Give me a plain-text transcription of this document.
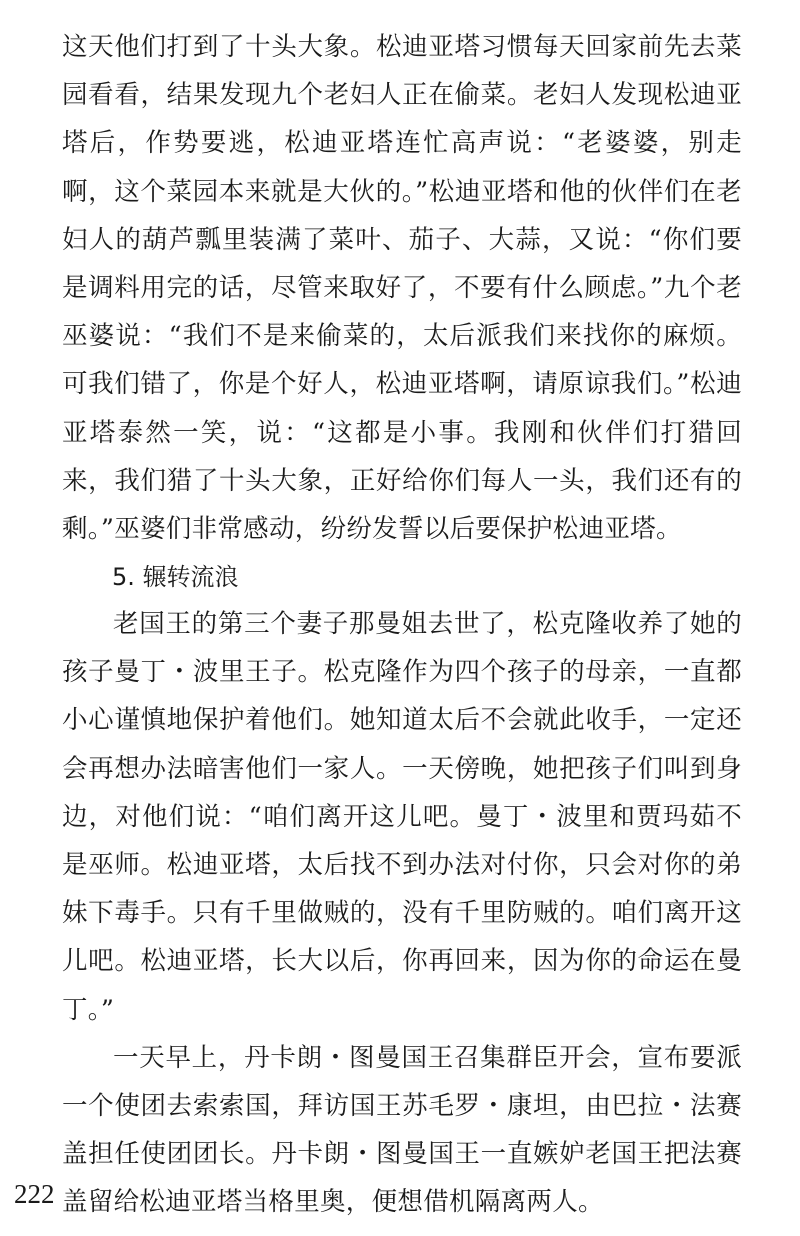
这天他们打到了十头大象。松迪亚塔习惯每天回家前先去菜园看看，结果发现九个老妇人正在偷菜。老妇人发现松迪亚塔后，作势要逃，松迪亚塔连忙高声说：“老婆婆，别走啊，这个菜园本来就是大伙的。”松迪亚塔和他的伙伴们在老妇人的葫芦瓢里装满了菜叶、茄子、大蒜，又说：“你们要是调料用完的话，尽管来取好了，不要有什么顾虑。”九个老巫婆说：“我们不是来偷菜的，太后派我们来找你的麻烦。可我们错了，你是个好人，松迪亚塔啊，请原谅我们。”松迪亚塔泰然一笑，说：“这都是小事。我刚和伙伴们打猎回来，我们猎了十头大象，正好给你们每人一头，我们还有的剩。”巫婆们非常感动，纷纷发誓以后要保护松迪亚塔。

5. 辗转流浪

老国王的第三个妻子那曼姐去世了，松克隆收养了她的孩子曼丁・波里王子。松克隆作为四个孩子的母亲，一直都小心谨慎地保护着他们。她知道太后不会就此收手，一定还会再想办法暗害他们一家人。一天傍晚，她把孩子们叫到身边，对他们说：“咱们离开这儿吧。曼丁・波里和贾玛茹不是巫师。松迪亚塔，太后找不到办法对付你，只会对你的弟妹下毒手。只有千里做贼的，没有千里防贼的。咱们离开这儿吧。松迪亚塔，长大以后，你再回来，因为你的命运在曼丁。”

一天早上，丹卡朗・图曼国王召集群臣开会，宣布要派一个使团去索索国，拜访国王苏毛罗・康坦，由巴拉・法赛盖担任使团团长。丹卡朗・图曼国王一直嫉妒老国王把法赛盖留给松迪亚塔当格里奥，便想借机隔离两人。

222
